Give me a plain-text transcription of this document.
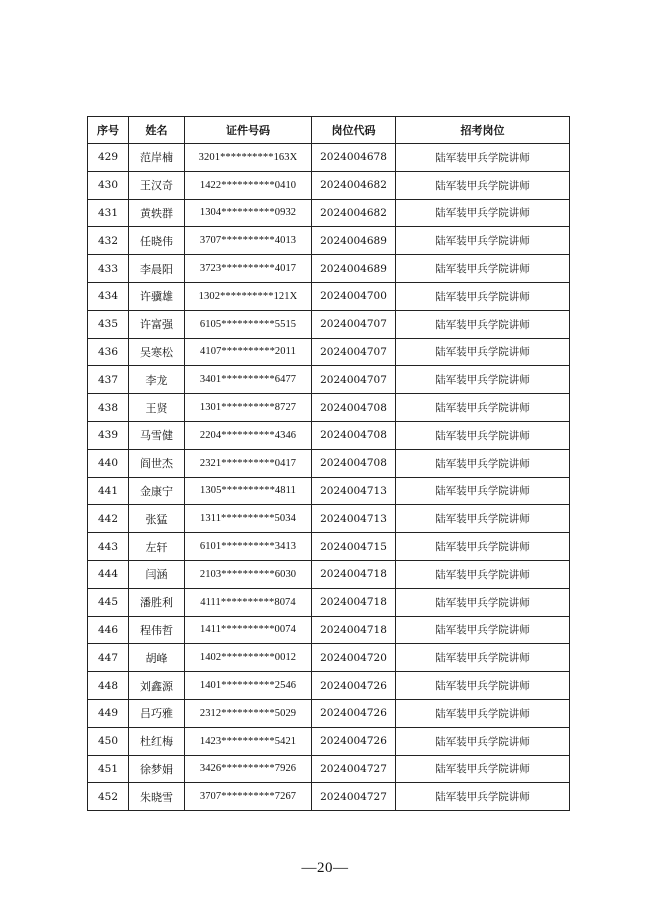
序号	姓名	证件号码	岗位代码	招考岗位
429	范岸楠	3201**********163X	2024004678	陆军装甲兵学院讲师
430	王汉奇	1422**********0410	2024004682	陆军装甲兵学院讲师
431	黄轶群	1304**********0932	2024004682	陆军装甲兵学院讲师
432	任晓伟	3707**********4013	2024004689	陆军装甲兵学院讲师
433	李晨阳	3723**********4017	2024004689	陆军装甲兵学院讲师
434	许骥雄	1302**********121X	2024004700	陆军装甲兵学院讲师
435	许富强	6105**********5515	2024004707	陆军装甲兵学院讲师
436	吴寒松	4107**********2011	2024004707	陆军装甲兵学院讲师
437	李龙	3401**********6477	2024004707	陆军装甲兵学院讲师
438	王贤	1301**********8727	2024004708	陆军装甲兵学院讲师
439	马雪健	2204**********4346	2024004708	陆军装甲兵学院讲师
440	阎世杰	2321**********0417	2024004708	陆军装甲兵学院讲师
441	金康宁	1305**********4811	2024004713	陆军装甲兵学院讲师
442	张猛	1311**********5034	2024004713	陆军装甲兵学院讲师
443	左轩	6101**********3413	2024004715	陆军装甲兵学院讲师
444	闫涵	2103**********6030	2024004718	陆军装甲兵学院讲师
445	潘胜利	4111**********8074	2024004718	陆军装甲兵学院讲师
446	程伟哲	1411**********0074	2024004718	陆军装甲兵学院讲师
447	胡峰	1402**********0012	2024004720	陆军装甲兵学院讲师
448	刘鑫源	1401**********2546	2024004726	陆军装甲兵学院讲师
449	吕巧雅	2312**********5029	2024004726	陆军装甲兵学院讲师
450	杜红梅	1423**********5421	2024004726	陆军装甲兵学院讲师
451	徐梦娟	3426**********7926	2024004727	陆军装甲兵学院讲师
452	朱晓雪	3707**********7267	2024004727	陆军装甲兵学院讲师
—20—
